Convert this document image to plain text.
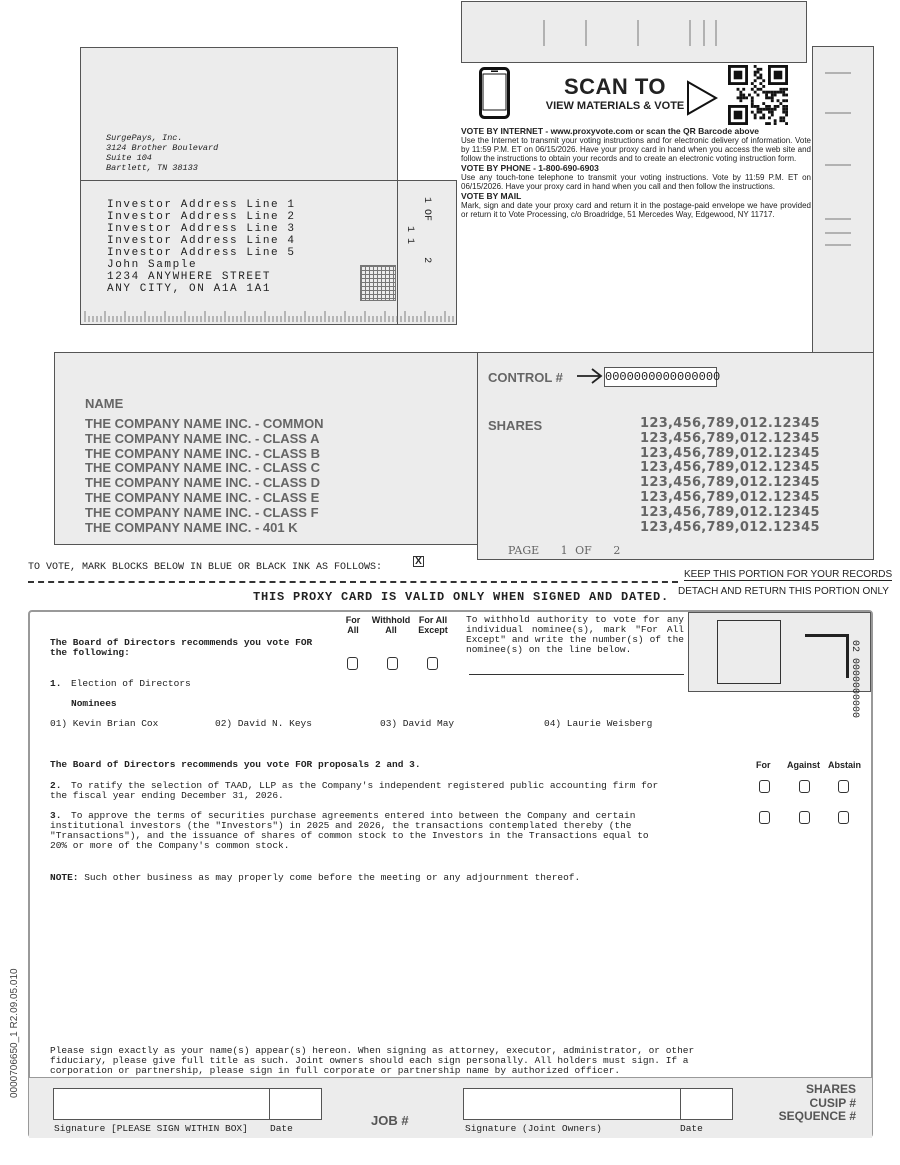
SurgePays, Inc.
3124 Brother Boulevard
Suite 104
Bartlett, TN 38133
1 OF 2
1 1
Investor Address Line 1
Investor Address Line 2
Investor Address Line 3
Investor Address Line 4
Investor Address Line 5
John Sample
1234 ANYWHERE STREET
ANY CITY, ON A1A 1A1
SCAN TO
VIEW MATERIALS & VOTE
VOTE BY INTERNET - www.proxyvote.com or scan the QR Barcode above
Use the Internet to transmit your voting instructions and for electronic delivery of information. Vote by 11:59 P.M. ET on 06/15/2026. Have your proxy card in hand when you access the web site and follow the instructions to obtain your records and to create an electronic voting instruction form.
VOTE BY PHONE - 1-800-690-6903
Use any touch-tone telephone to transmit your voting instructions. Vote by 11:59 P.M. ET on 06/15/2026. Have your proxy card in hand when you call and then follow the instructions.
VOTE BY MAIL
Mark, sign and date your proxy card and return it in the postage-paid envelope we have provided or return it to Vote Processing, c/o Broadridge, 51 Mercedes Way, Edgewood, NY 11717.
NAME
THE COMPANY NAME INC. - COMMON
THE COMPANY NAME INC. - CLASS A
THE COMPANY NAME INC. - CLASS B
THE COMPANY NAME INC. - CLASS C
THE COMPANY NAME INC. - CLASS D
THE COMPANY NAME INC. - CLASS E
THE COMPANY NAME INC. - CLASS F
THE COMPANY NAME INC. - 401 K
CONTROL #	0000000000000000
SHARES	123,456,789,012.12345
123,456,789,012.12345
123,456,789,012.12345
123,456,789,012.12345
123,456,789,012.12345
123,456,789,012.12345
123,456,789,012.12345
123,456,789,012.12345
PAGE 1 OF 2
TO VOTE, MARK BLOCKS BELOW IN BLUE OR BLACK INK AS FOLLOWS:
X
KEEP THIS PORTION FOR YOUR RECORDS
DETACH AND RETURN THIS PORTION ONLY
THIS PROXY CARD IS VALID ONLY WHEN SIGNED AND DATED.
The Board of Directors recommends you vote FOR the following:
For All
Withhold All
For All Except
To withhold authority to vote for any individual nominee(s), mark "For All Except" and write the number(s) of the nominee(s) on the line below.	02 0000000000
1. Election of Directors
Nominees
01) Kevin Brian Cox	02) David N. Keys	03) David May	04) Laurie Weisberg
The Board of Directors recommends you vote FOR proposals 2 and 3.	For Against Abstain
2. To ratify the selection of TAAD, LLP as the Company's independent registered public accounting firm for the fiscal year ending December 31, 2026.
3. To approve the terms of securities purchase agreements entered into between the Company and certain institutional investors (the "Investors") in 2025 and 2026, the transactions contemplated thereby (the "Transactions"), and the issuance of shares of common stock to the Investors in the Transactions equal to 20% or more of the Company's common stock.
NOTE: Such other business as may properly come before the meeting or any adjournment thereof.
0000706650_1 R2.09.05.010	Please sign exactly as your name(s) appear(s) hereon. When signing as attorney, executor, administrator, or other fiduciary, please give full title as such. Joint owners should each sign personally. All holders must sign. If a corporation or partnership, please sign in full corporate or partnership name by authorized officer.
Signature [PLEASE SIGN WITHIN BOX] Date
JOB #
Signature (Joint Owners)	Date
SHARES
CUSIP #
SEQUENCE #
